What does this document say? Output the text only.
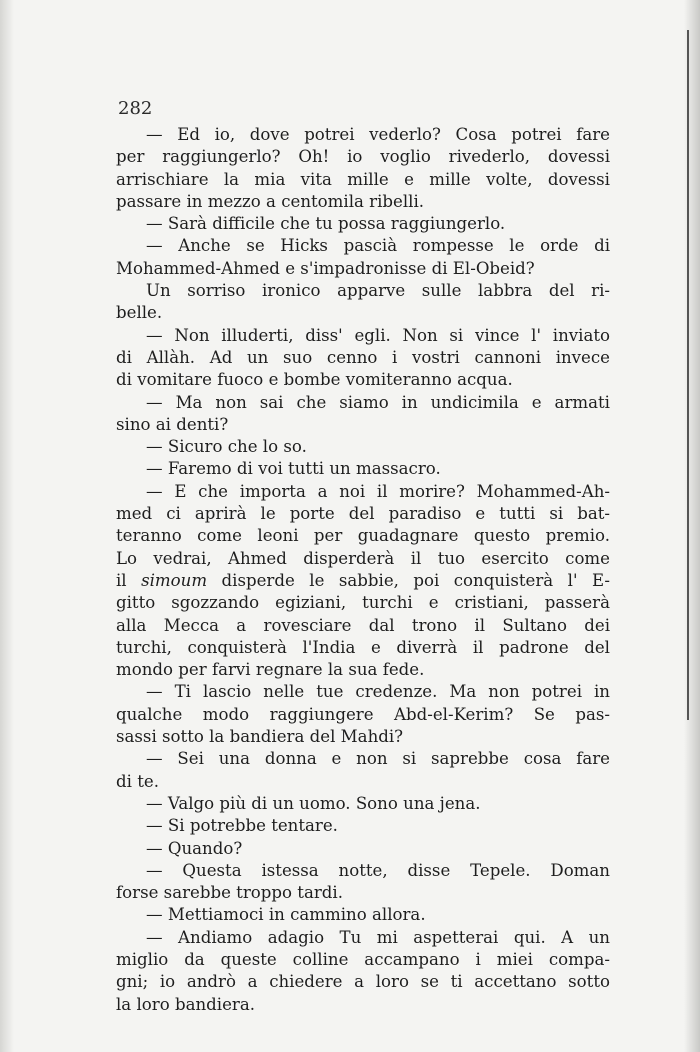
282

— Ed io, dove potrei vederlo? Cosa potrei fare
per raggiungerlo? Oh! io voglio rivederlo, dovessi
arrischiare la mia vita mille e mille volte, dovessi
passare in mezzo a centomila ribelli.
— Sarà difficile che tu possa raggiungerlo.
— Anche se Hicks pascià rompesse le orde di
Mohammed-Ahmed e s'impadronisse di El-Obeid?
Un sorriso ironico apparve sulle labbra del ri-
belle.
— Non illuderti, diss' egli. Non si vince l' inviato
di Allàh. Ad un suo cenno i vostri cannoni invece
di vomitare fuoco e bombe vomiteranno acqua.
— Ma non sai che siamo in undicimila e armati
sino ai denti?
— Sicuro che lo so.
— Faremo di voi tutti un massacro.
— E che importa a noi il morire? Mohammed-Ah-
med ci aprirà le porte del paradiso e tutti si bat-
teranno come leoni per guadagnare questo premio.
Lo vedrai, Ahmed disperderà il tuo esercito come
il simoum disperde le sabbie, poi conquisterà l' E-
gitto sgozzando egiziani, turchi e cristiani, passerà
alla Mecca a rovesciare dal trono il Sultano dei
turchi, conquisterà l'India e diverrà il padrone del
mondo per farvi regnare la sua fede.
— Ti lascio nelle tue credenze. Ma non potrei in
qualche modo raggiungere Abd-el-Kerim? Se pas-
sassi sotto la bandiera del Mahdi?
— Sei una donna e non si saprebbe cosa fare
di te.
— Valgo più di un uomo. Sono una jena.
— Si potrebbe tentare.
— Quando?
— Questa istessa notte, disse Tepele. Doman
forse sarebbe troppo tardi.
— Mettiamoci in cammino allora.
— Andiamo adagio Tu mi aspetterai qui. A un
miglio da queste colline accampano i miei compa-
gni; io andrò a chiedere a loro se ti accettano sotto
la loro bandiera.
